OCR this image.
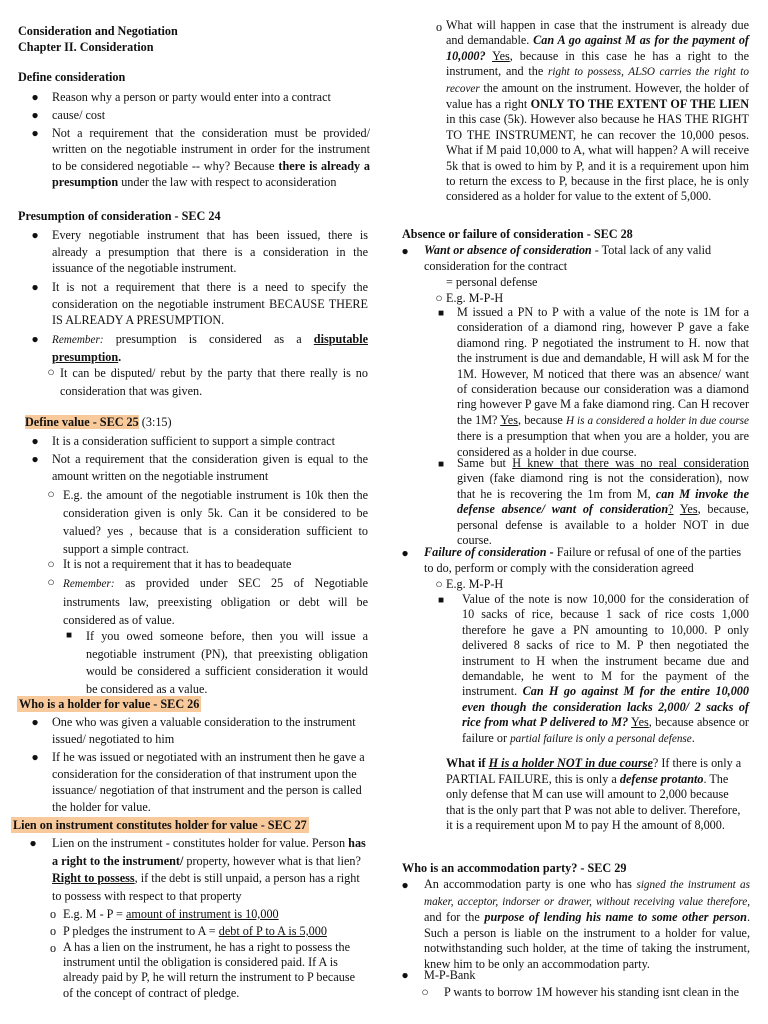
Consideration and Negotiation
Chapter II. Consideration
Define consideration
● Reason why a person or party would enter into a contract
● cause/ cost
● Not a requirement that the consideration must be provided/ written on the negotiable instrument in order for the instrument to be considered negotiable -- why? Because there is already a presumption under the law with respect to aconsideration
Presumption of consideration - SEC 24
● Every negotiable instrument that has been issued, there is already a presumption that there is a consideration in the issuance of the negotiable instrument.
● It is not a requirement that there is a need to specify the consideration on the negotiable instrument BECAUSE THERE IS ALREADY A PRESUMPTION.
● Remember: presumption is considered as a disputable presumption.
○ It can be disputed/ rebut by the party that there really is no consideration that was given.
Define value - SEC 25 (3:15)
● It is a consideration sufficient to support a simple contract
● Not a requirement that the consideration given is equal to the amount written on the negotiable instrument
○ E.g. the amount of the negotiable instrument is 10k then the consideration given is only 5k. Can it be considered to be valued? yes , because that is a consideration sufficient to support a simple contract.
○ It is not a requirement that it has to beadequate
○ Remember: as provided under SEC 25 of Negotiable instruments law, preexisting obligation or debt will be considered as of value.
■	If you owed someone before, then you will issue a negotiable instrument (PN), that preexisting obligation would be considered a sufficient consideration it would be considered as a value.
Who is a holder for value - SEC 26
● One who was given a valuable consideration to the instrument issued/ negotiated to him
● If he was issued or negotiated with an instrument then he gave a consideration for the consideration of that instrument upon the issuance/ negotiation of that instrument and the person is called the holder for value.
Lien on instrument constitutes holder for value - SEC 27
● Lien on the instrument - constitutes holder for value. Person has a right to the instrument/ property, however what is that lien? Right to possess, if the debt is still unpaid, a person has a right to possess with respect to that property
o E.g. M - P = amount of instrument is 10,000
o P pledges the instrument to A = debt of P to A is 5,000
o A has a lien on the instrument, he has a right to possess the instrument until the obligation is considered paid. If A is already paid by P, he will return the instrument to P because of the concept of contract of pledge.
o What will happen in case that the instrument is already due and demandable. Can A go against M as for the payment of 10,000? Yes, because in this case he has a right to the instrument, and the right to possess, ALSO carries the right to recover the amount on the instrument. However, the holder of value has a right ONLY TO THE EXTENT OF THE LIEN in this case (5k). However also because he HAS THE RIGHT TO THE INSTRUMENT, he can recover the 10,000 pesos. What if M paid 10,000 to A, what will happen? A will receive 5k that is owed to him by P, and it is a requirement upon him to return the excess to P, because in the first place, he is only considered as a holder for value to the extent of 5,000.
Absence or failure of consideration - SEC 28
● Want or absence of consideration - Total lack of any valid consideration for the contract
= personal defense
○ E.g. M-P-H
■	M issued a PN to P with a value of the note is 1M for a consideration of a diamond ring, however P gave a fake diamond ring. P negotiated the instrument to H. now that the instrument is due and demandable, H will ask M for the 1M. However, M noticed that there was an absence/ want of consideration because our consideration was a diamond ring however P gave M a fake diamond ring. Can H recover the 1M? Yes, because H is a considered a holder in due course there is a presumption that when you are a holder, you are considered as a holder in due course.
■	Same but H knew that there was no real consideration given (fake diamond ring is not the consideration), now that he is recovering the 1m from M, can M invoke the defense absence/ want of consideration? Yes, because, personal defense is available to a holder NOT in due course.
● Failure of consideration - Failure or refusal of one of the parties to do, perform or comply with the consideration agreed
○ E.g. M-P-H
■	Value of the note is now 10,000 for the consideration of 10 sacks of rice, because 1 sack of rice costs 1,000 therefore he gave a PN amounting to 10,000. P only delivered 8 sacks of rice to M. P then negotiated the instrument to H when the instrument became due and demandable, he went to M for the payment of the instrument. Can H go against M for the entire 10,000 even though the consideration lacks 2,000/ 2 sacks of rice from what P delivered to M? Yes, because absence or failure or partial failure is only a personal defense.
What if H is a holder NOT in due course? If there is only a PARTIAL FAILURE, this is only a defense protanto. The only defense that M can use will amount to 2,000 because that is the only part that P was not able to deliver. Therefore, it is a requirement upon M to pay H the amount of 8,000.
Who is an accommodation party? - SEC 29
● An accommodation party is one who has signed the instrument as maker, acceptor, indorser or drawer, without receiving value therefore, and for the purpose of lending his name to some other person. Such a person is liable on the instrument to a holder for value, notwithstanding such holder, at the time of taking the instrument, knew him to be only an accommodation party.
● M-P-Bank
○ P wants to borrow 1M however his standing isnt clean in the
